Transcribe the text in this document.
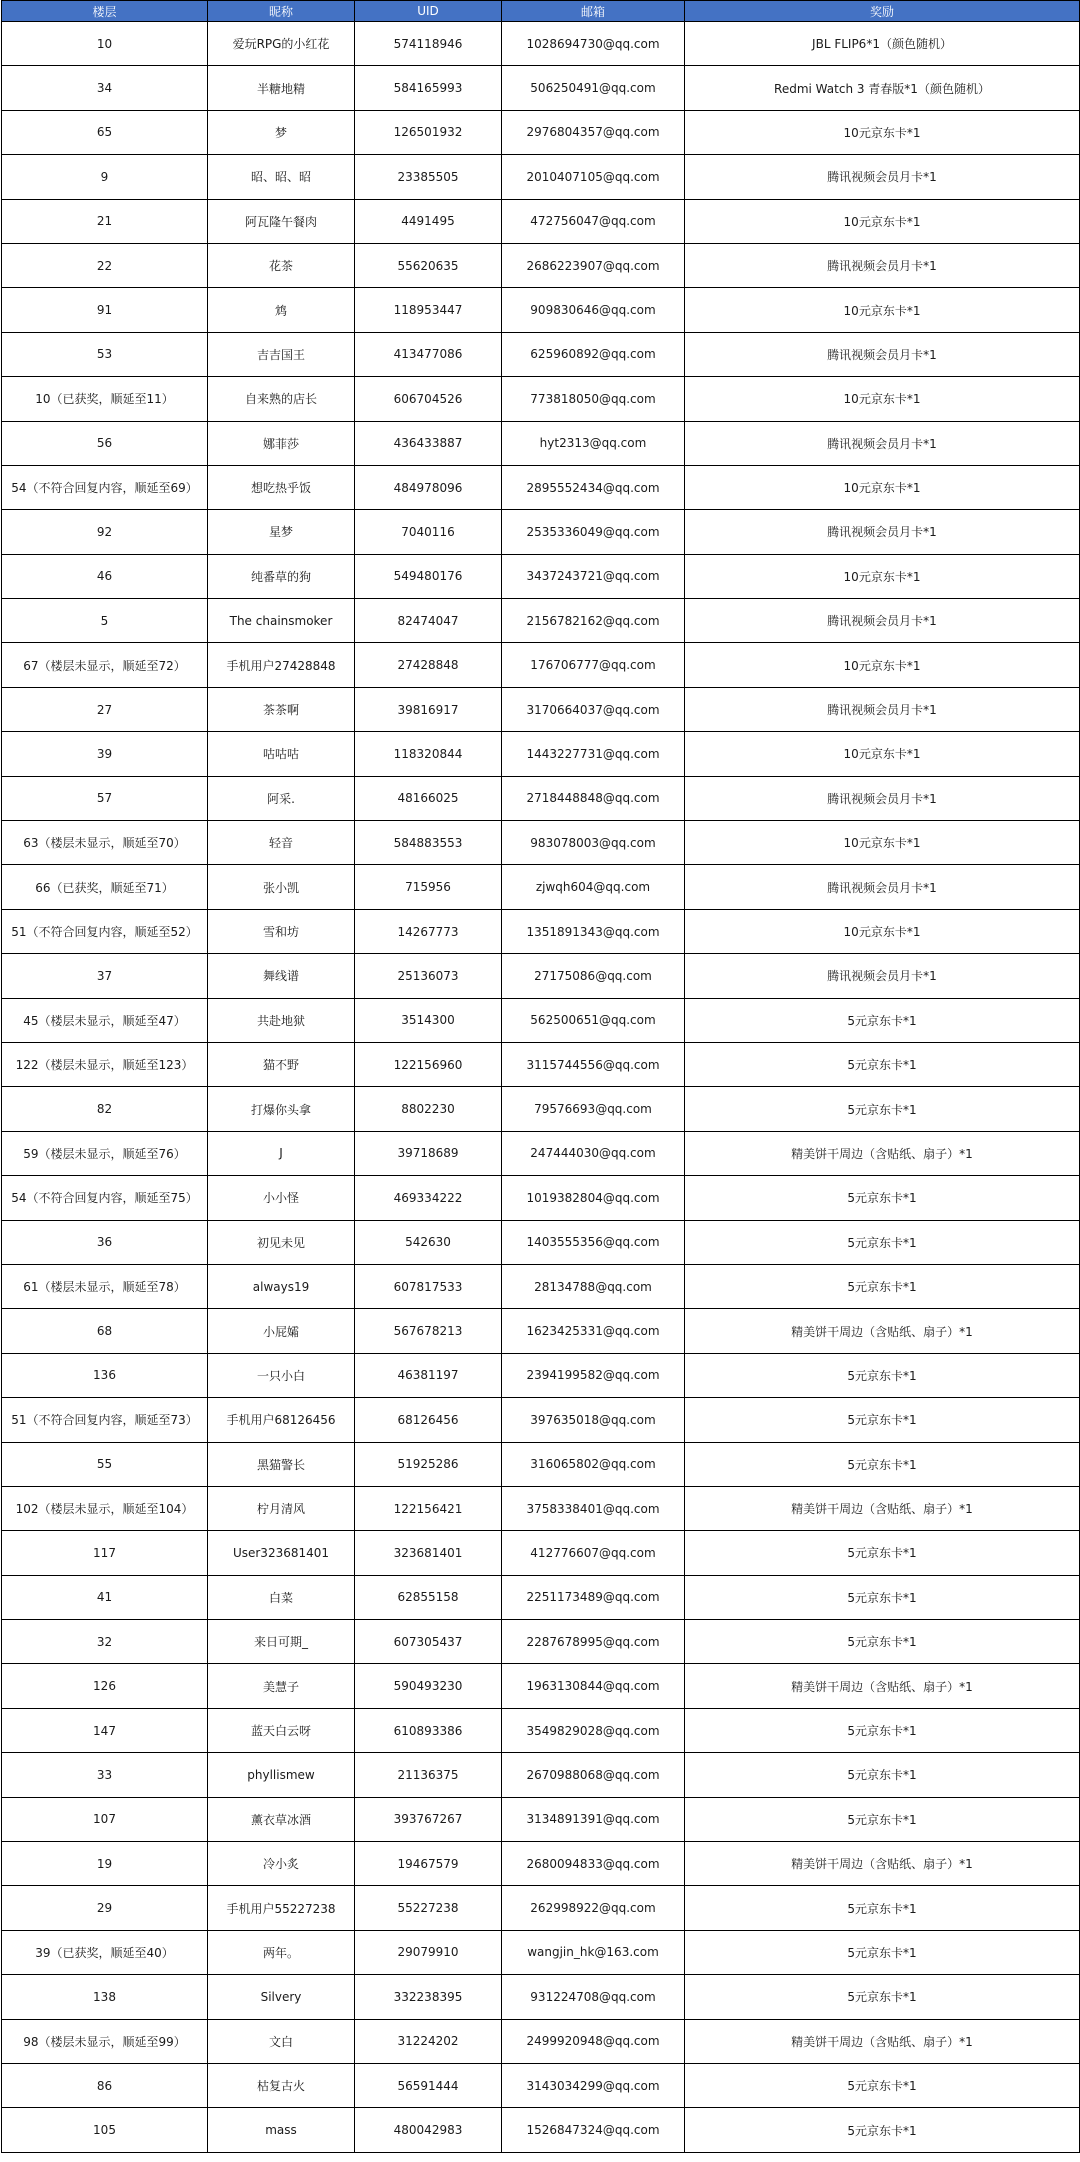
楼层	昵称	UID	邮箱	奖励
10	爱玩RPG的小红花	574118946	1028694730@qq.com	JBL FLIP6*1（颜色随机）
34	半糖地精	584165993	506250491@qq.com	Redmi Watch 3 青春版*1（颜色随机）
65	梦	126501932	2976804357@qq.com	10元京东卡*1
9	昭、昭、昭	23385505	2010407105@qq.com	腾讯视频会员月卡*1
21	阿瓦隆午餐肉	4491495	472756047@qq.com	10元京东卡*1
22	花茶	55620635	2686223907@qq.com	腾讯视频会员月卡*1
91	鸩	118953447	909830646@qq.com	10元京东卡*1
53	吉吉国王	413477086	625960892@qq.com	腾讯视频会员月卡*1
10（已获奖，顺延至11）	自来熟的店长	606704526	773818050@qq.com	10元京东卡*1
56	娜菲莎	436433887	hyt2313@qq.com	腾讯视频会员月卡*1
54（不符合回复内容，顺延至69）	想吃热乎饭	484978096	2895552434@qq.com	10元京东卡*1
92	星梦	7040116	2535336049@qq.com	腾讯视频会员月卡*1
46	纯番草的狗	549480176	3437243721@qq.com	10元京东卡*1
5	The chainsmoker	82474047	2156782162@qq.com	腾讯视频会员月卡*1
67（楼层未显示，顺延至72）	手机用户27428848	27428848	176706777@qq.com	10元京东卡*1
27	茶茶啊	39816917	3170664037@qq.com	腾讯视频会员月卡*1
39	咕咕咕	118320844	1443227731@qq.com	10元京东卡*1
57	阿采.	48166025	2718448848@qq.com	腾讯视频会员月卡*1
63（楼层未显示，顺延至70）	轻音	584883553	983078003@qq.com	10元京东卡*1
66（已获奖，顺延至71）	张小凯	715956	zjwqh604@qq.com	腾讯视频会员月卡*1
51（不符合回复内容，顺延至52）	雪和坊	14267773	1351891343@qq.com	10元京东卡*1
37	舞线谱	25136073	27175086@qq.com	腾讯视频会员月卡*1
45（楼层未显示，顺延至47）	共赴地狱	3514300	562500651@qq.com	5元京东卡*1
122（楼层未显示，顺延至123）	猫不野	122156960	3115744556@qq.com	5元京东卡*1
82	打爆你头拿	8802230	79576693@qq.com	5元京东卡*1
59（楼层未显示，顺延至76）	J	39718689	247444030@qq.com	精美饼干周边（含贴纸、扇子）*1
54（不符合回复内容，顺延至75）	小小怪	469334222	1019382804@qq.com	5元京东卡*1
36	初见未见	542630	1403555356@qq.com	5元京东卡*1
61（楼层未显示，顺延至78）	always19	607817533	28134788@qq.com	5元京东卡*1
68	小屁孀	567678213	1623425331@qq.com	精美饼干周边（含贴纸、扇子）*1
136	一只小白	46381197	2394199582@qq.com	5元京东卡*1
51（不符合回复内容，顺延至73）	手机用户68126456	68126456	397635018@qq.com	5元京东卡*1
55	黑猫警长	51925286	316065802@qq.com	5元京东卡*1
102（楼层未显示，顺延至104）	柠月清风	122156421	3758338401@qq.com	精美饼干周边（含贴纸、扇子）*1
117	User323681401	323681401	412776607@qq.com	5元京东卡*1
41	白菜	62855158	2251173489@qq.com	5元京东卡*1
32	来日可期_	607305437	2287678995@qq.com	5元京东卡*1
126	美慧子	590493230	1963130844@qq.com	精美饼干周边（含贴纸、扇子）*1
147	蓝天白云呀	610893386	3549829028@qq.com	5元京东卡*1
33	phyllismew	21136375	2670988068@qq.com	5元京东卡*1
107	薰衣草冰酒	393767267	3134891391@qq.com	5元京东卡*1
19	冷小炙	19467579	2680094833@qq.com	精美饼干周边（含贴纸、扇子）*1
29	手机用户55227238	55227238	262998922@qq.com	5元京东卡*1
39（已获奖，顺延至40）	两年。	29079910	wangjin_hk@163.com	5元京东卡*1
138	Silvery	332238395	931224708@qq.com	5元京东卡*1
98（楼层未显示，顺延至99）	文白	31224202	2499920948@qq.com	精美饼干周边（含贴纸、扇子）*1
86	枯复古火	56591444	3143034299@qq.com	5元京东卡*1
105	mass	480042983	1526847324@qq.com	5元京东卡*1
